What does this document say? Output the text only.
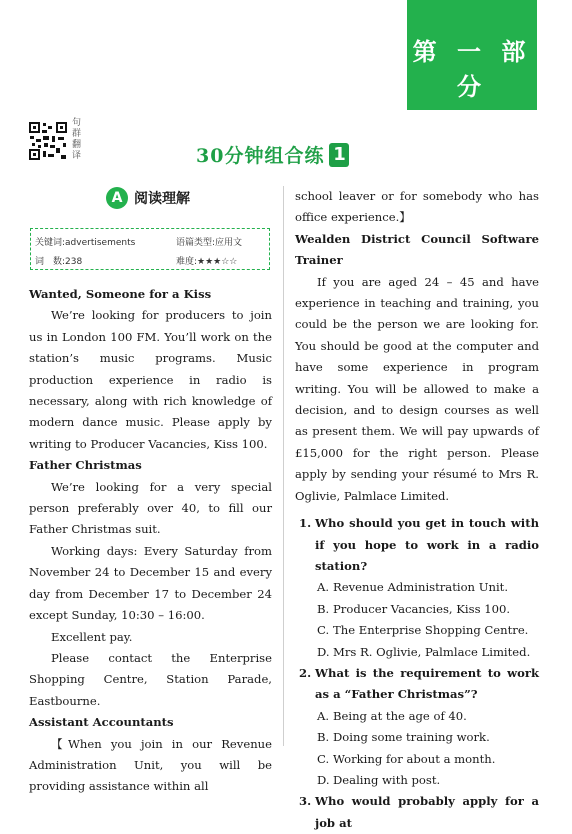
第 一 部 分
基础过关
句群翻译	30分钟组合练 1
A 阅读理解
关键词:advertisements	语篇类型:应用文
词　数:238	难度:★★★☆☆
Wanted, Someone for a Kiss

We’re looking for producers to join us in London 100 FM. You’ll work on the station’s music programs. Music production experience in radio is necessary, along with rich knowledge of modern dance music. Please apply by writing to Producer Vacancies, Kiss 100.

Father Christmas

We’re looking for a very special person preferably over 40, to fill our Father Christmas suit.

Working days: Every Saturday from November 24 to December 15 and every day from December 17 to December 24 except Sunday, 10:30 – 16:00.

Excellent pay.

Please contact the Enterprise Shopping Centre, Station Parade, Eastbourne.

Assistant Accountants

【When you join in our Revenue Administration Unit, you will be providing assistance within all

school leaver or for somebody who has office experience.】

Wealden District Council Software Trainer

If you are aged 24 – 45 and have experience in teaching and training, you could be the person we are looking for. You should be good at the computer and have some experience in program writing. You will be allowed to make a decision, and to design courses as well as present them. We will pay upwards of £15,000 for the right person. Please apply by sending your résumé to Mrs R. Oglivie, Palmlace Limited.

1. Who should you get in touch with if you hope to work in a radio station?
A. Revenue Administration Unit.
B. Producer Vacancies, Kiss 100.
C. The Enterprise Shopping Centre.
D. Mrs R. Oglivie, Palmlace Limited.
2. What is the requirement to work as a “Father Christmas”?
A. Being at the age of 40.
B. Doing some training work.
C. Working for about a month.
D. Dealing with post.
3. Who would probably apply for a job at
